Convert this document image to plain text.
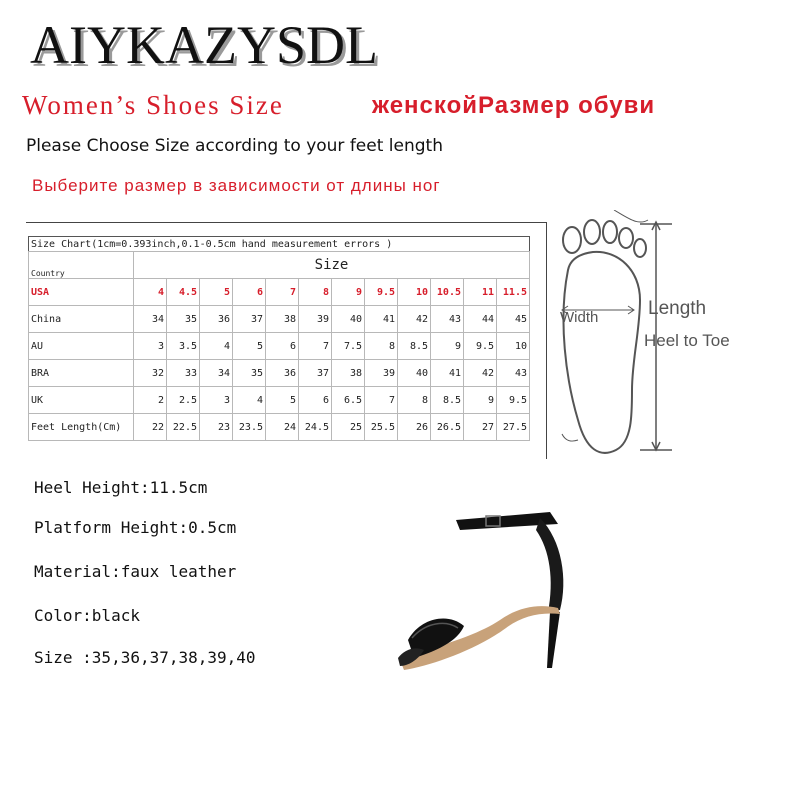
AIYKAZYSDL
Women’s Shoes Size	женскойРазмер обуви
Please Choose Size according to your feet length
Выберите размер в зависимости от длины ног
Size Chart(1cm=0.393inch,0.1-0.5cm hand measurement errors )												
Country	Size											
USA	4	4.5	5	6	7	8	9	9.5	10	10.5	11	11.5
China	34	35	36	37	38	39	40	41	42	43	44	45
AU	3	3.5	4	5	6	7	7.5	8	8.5	9	9.5	10
BRA	32	33	34	35	36	37	38	39	40	41	42	43
UK	2	2.5	3	4	5	6	6.5	7	8	8.5	9	9.5
Feet Length(Cm)	22	22.5	23	23.5	24	24.5	25	25.5	26	26.5	27	27.5
Width	Length
Heel to Toe
Heel Height:11.5cm
Platform Height:0.5cm
Material:faux leather
Color:black
Size :35,36,37,38,39,40
